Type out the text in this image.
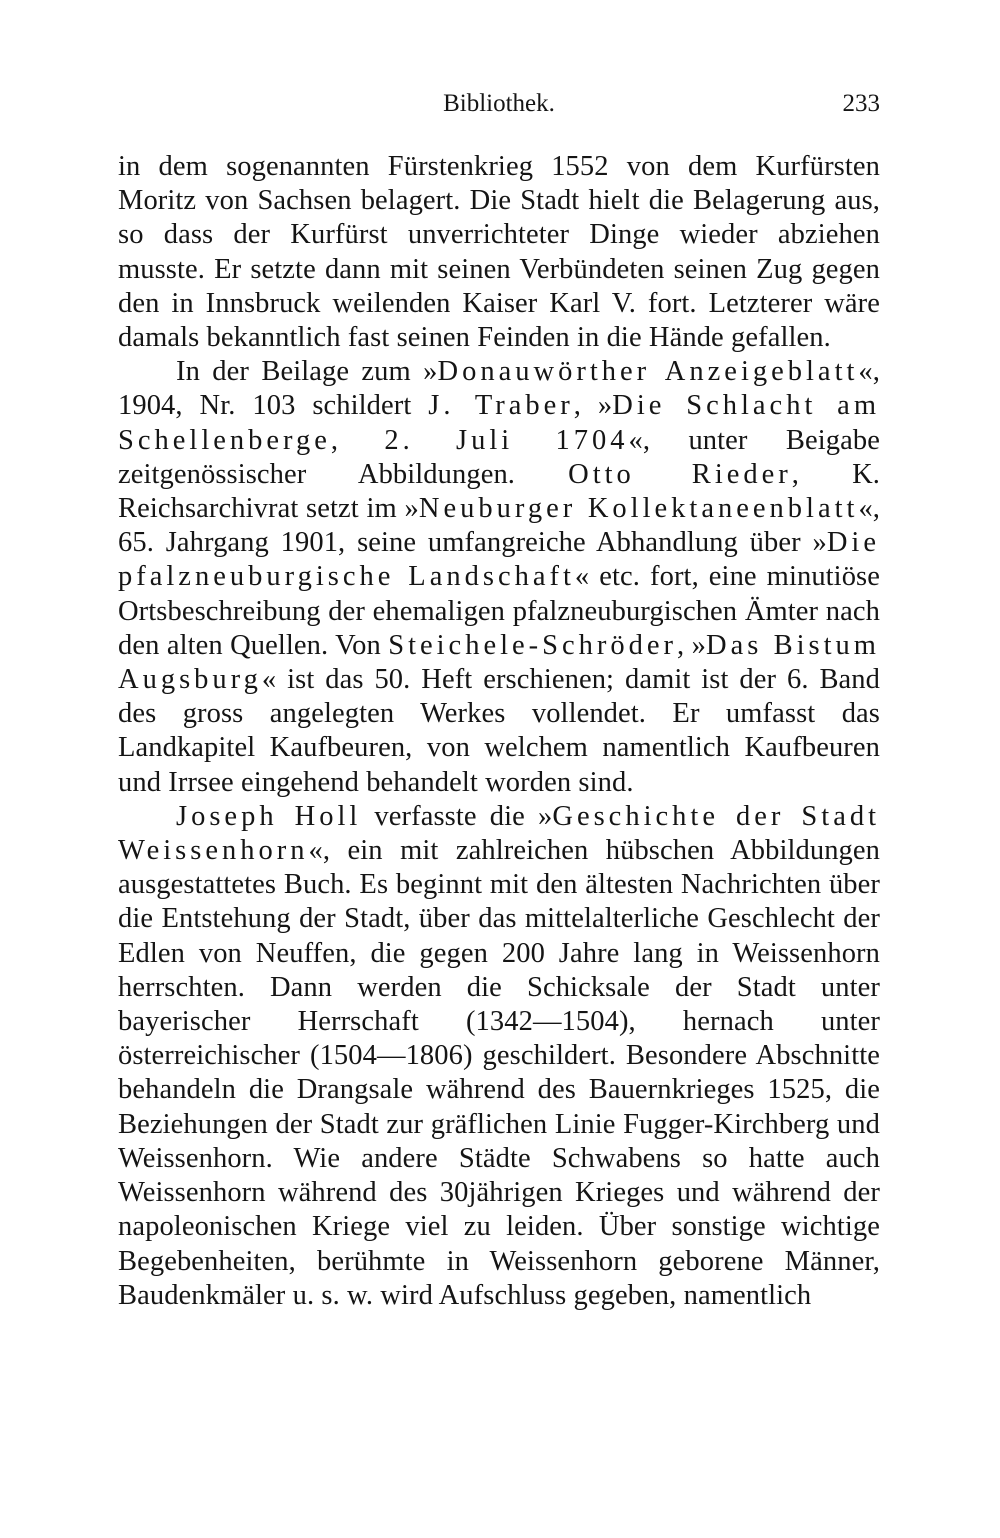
Bibliothek.	233

in dem sogenannten Fürstenkrieg 1552 von dem Kurfürsten Moritz von Sachsen belagert. Die Stadt hielt die Belagerung aus, so dass der Kurfürst unverrichteter Dinge wieder abziehen musste. Er setzte dann mit seinen Verbündeten seinen Zug gegen den in Innsbruck weilenden Kaiser Karl V. fort. Letzterer wäre damals bekanntlich fast seinen Feinden in die Hände gefallen.

In der Beilage zum »Donauwörther Anzeigeblatt«, 1904, Nr. 103 schildert J. Traber, »Die Schlacht am Schellenberge, 2. Juli 1704«, unter Beigabe zeitgenössischer Abbildungen. Otto Rieder, K. Reichsarchivrat setzt im »Neuburger Kollektaneenblatt«, 65. Jahrgang 1901, seine umfangreiche Abhandlung über »Die pfalzneuburgische Landschaft« etc. fort, eine minutiöse Ortsbeschreibung der ehemaligen pfalzneuburgischen Ämter nach den alten Quellen. Von Steichele-Schröder, »Das Bistum Augsburg« ist das 50. Heft erschienen; damit ist der 6. Band des gross angelegten Werkes vollendet. Er umfasst das Landkapitel Kaufbeuren, von welchem namentlich Kaufbeuren und Irrsee eingehend behandelt worden sind.

Joseph Holl verfasste die »Geschichte der Stadt Weissenhorn«, ein mit zahlreichen hübschen Abbildungen ausgestattetes Buch. Es beginnt mit den ältesten Nachrichten über die Entstehung der Stadt, über das mittelalterliche Geschlecht der Edlen von Neuffen, die gegen 200 Jahre lang in Weissenhorn herrschten. Dann werden die Schicksale der Stadt unter bayerischer Herrschaft (1342—1504), hernach unter österreichischer (1504—1806) geschildert. Besondere Abschnitte behandeln die Drangsale während des Bauernkrieges 1525, die Beziehungen der Stadt zur gräflichen Linie Fugger-Kirchberg und Weissenhorn. Wie andere Städte Schwabens so hatte auch Weissenhorn während des 30jährigen Krieges und während der napoleonischen Kriege viel zu leiden. Über sonstige wichtige Begebenheiten, berühmte in Weissenhorn geborene Männer, Baudenkmäler u. s. w. wird Aufschluss gegeben, namentlich
